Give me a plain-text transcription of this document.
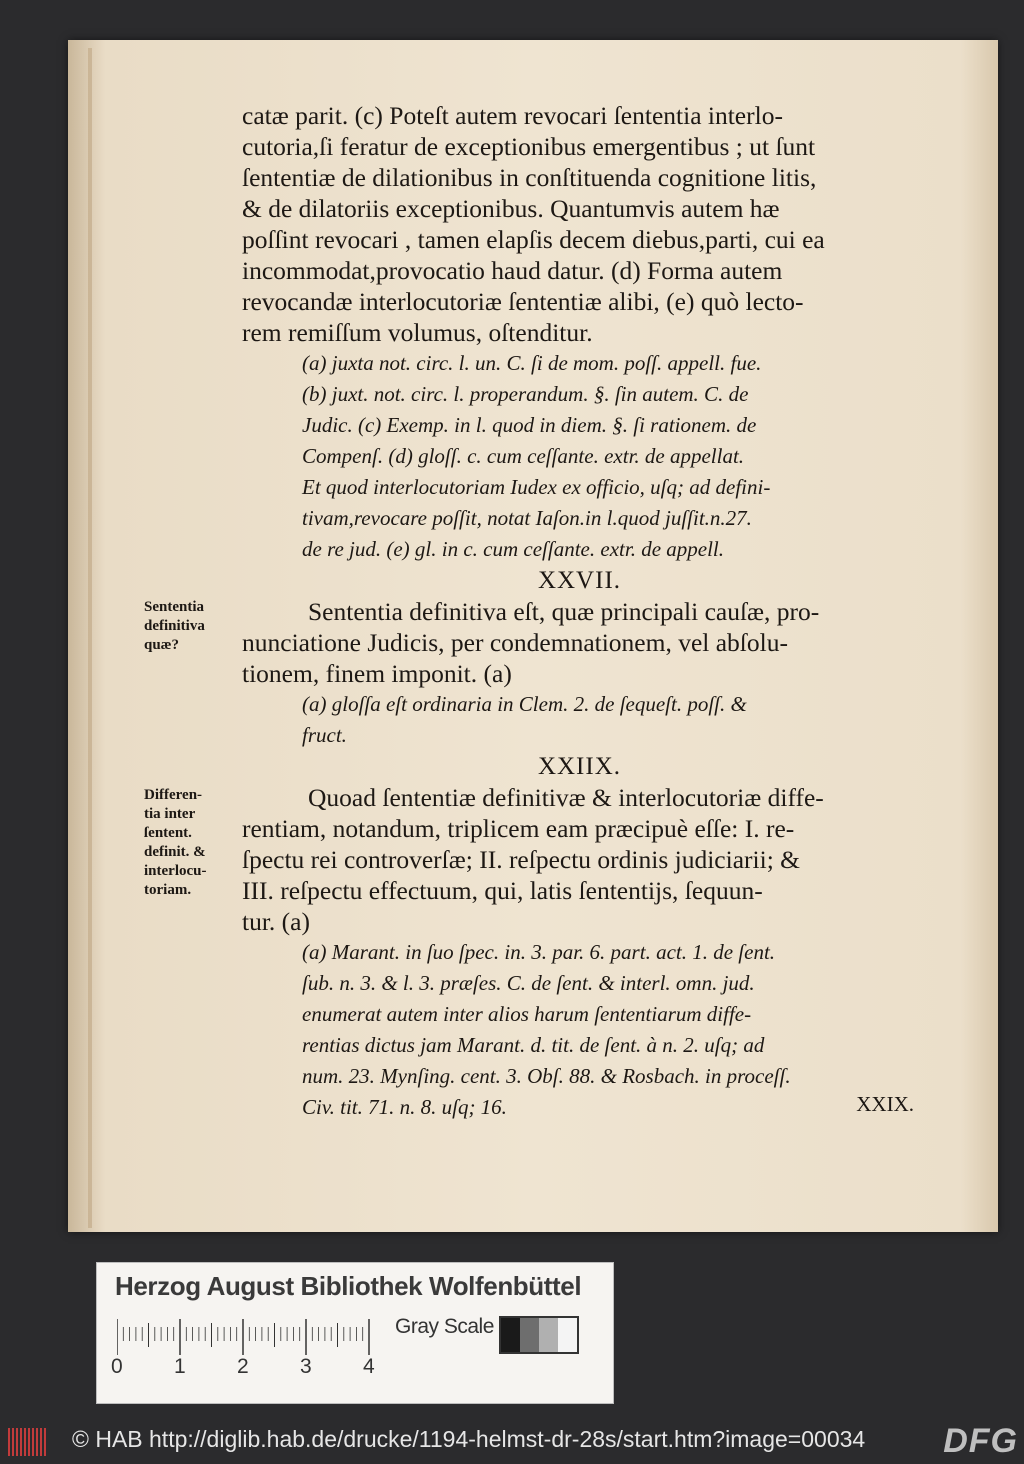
catæ parit. (c) Poteſt autem revocari ſententia interlo-
cutoria,ſi feratur de exceptionibus emergentibus ; ut ſunt
ſententiæ de dilationibus in conſtituenda cognitione litis,
& de dilatoriis exceptionibus. Quantumvis autem hæ
poſſint revocari , tamen elapſis decem diebus,parti, cui ea
incommodat,provocatio haud datur. (d) Forma autem
revocandæ interlocutoriæ ſententiæ alibi, (e) quò lecto-
rem remiſſum volumus, oſtenditur.
(a) juxta not. circ. l. un. C. ſi de mom. poſſ. appell. fue.
(b) juxt. not. circ. l. properandum. §. ſin autem. C. de
Judic. (c) Exemp. in l. quod in diem. §. ſi rationem. de
Compenſ. (d) gloſſ. c. cum ceſſante. extr. de appellat.
Et quod interlocutoriam Iudex ex officio, uſq; ad defini-
tivam,revocare poſſit, notat Iaſon.in l.quod juſſit.n.27.
de re jud. (e) gl. in c. cum ceſſante. extr. de appell.
XXVII.
Sententia definitiva eſt, quæ principali cauſæ, pro-
nunciatione Judicis, per condemnationem, vel abſolu-
tionem, finem imponit. (a)
(a) gloſſa eſt ordinaria in Clem. 2. de ſequeſt. poſſ. &
fruct.
XXIIX.
Quoad ſententiæ definitivæ & interlocutoriæ diffe-
rentiam, notandum, triplicem eam præcipuè eſſe: I. re-
ſpectu rei controverſæ; II. reſpectu ordinis judiciarii; &
III. reſpectu effectuum, qui, latis ſententijs, ſequun-
tur. (a)
(a) Marant. in ſuo ſpec. in. 3. par. 6. part. act. 1. de ſent.
ſub. n. 3. & l. 3. præſes. C. de ſent. & interl. omn. jud.
enumerat autem inter alios harum ſententiarum diffe-
rentias dictus jam Marant. d. tit. de ſent. à n. 2. uſq; ad
num. 23. Mynſing. cent. 3. Obſ. 88. & Rosbach. in proceſſ.
Civ. tit. 71. n. 8. uſq; 16.
Sententia
definitiva
quæ?
Differen-
tia inter
ſentent.
definit. &
interlocu-
toriam.
XXIX.
Herzog August Bibliothek Wolfenbüttel
0 1 2 3 4
Gray Scale
© HAB http://diglib.hab.de/drucke/1194-helmst-dr-28s/start.htm?image=00034 DFG
